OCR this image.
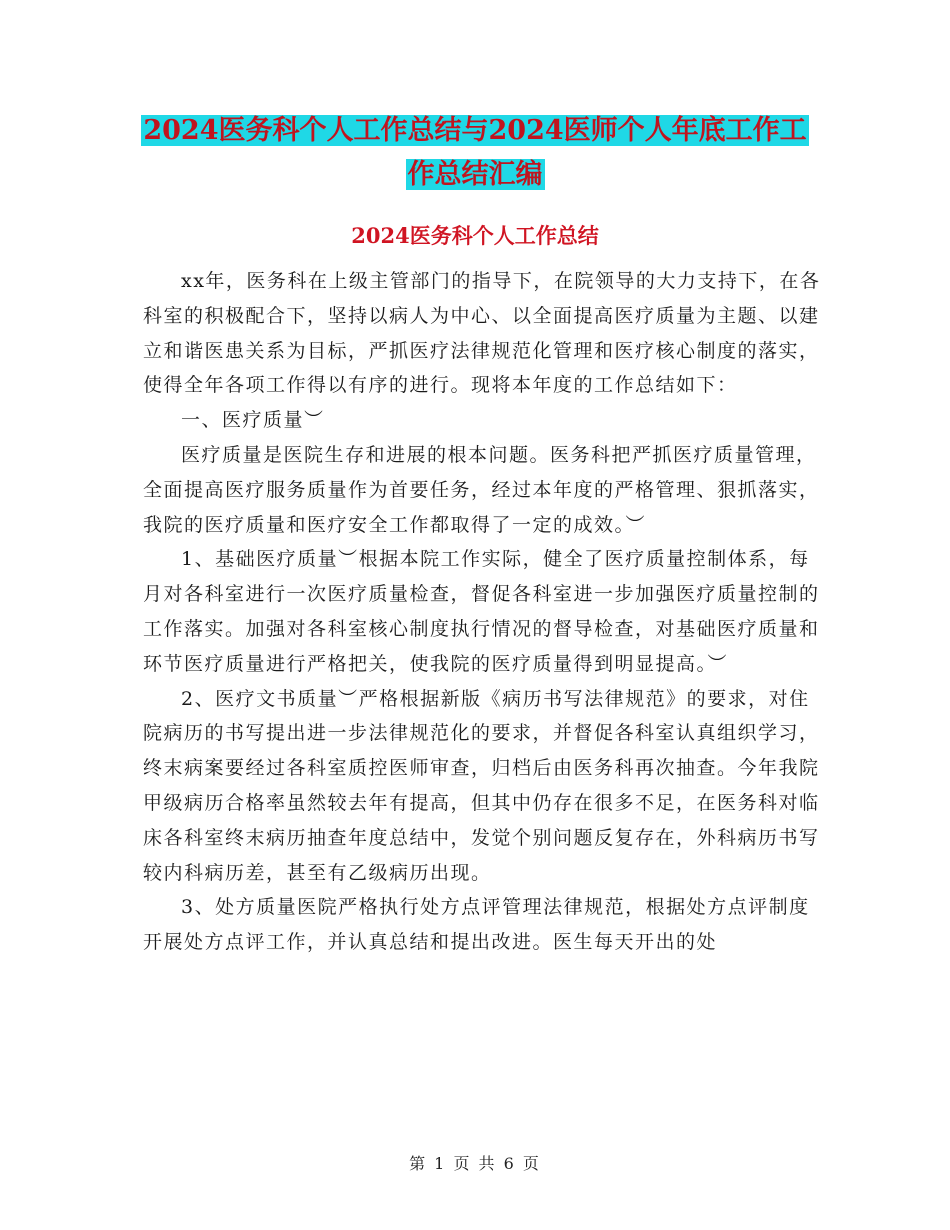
2024医务科个人工作总结与2024医师个人年底工作工
作总结汇编
2024医务科个人工作总结

xx年，医务科在上级主管部门的指导下，在院领导的大力支持下，在各科室的积极配合下，坚持以病人为中心、以全面提高医疗质量为主题、以建立和谐医患关系为目标，严抓医疗法律规范化管理和医疗核心制度的落实，使得全年各项工作得以有序的进行。现将本年度的工作总结如下：

一、医疗质量︶

医疗质量是医院生存和进展的根本问题。医务科把严抓医疗质量管理，全面提高医疗服务质量作为首要任务，经过本年度的严格管理、狠抓落实，我院的医疗质量和医疗安全工作都取得了一定的成效。︶

1、基础医疗质量︶根据本院工作实际，健全了医疗质量控制体系，每月对各科室进行一次医疗质量检查，督促各科室进一步加强医疗质量控制的工作落实。加强对各科室核心制度执行情况的督导检查，对基础医疗质量和环节医疗质量进行严格把关，使我院的医疗质量得到明显提高。︶

2、医疗文书质量︶严格根据新版《病历书写法律规范》的要求，对住院病历的书写提出进一步法律规范化的要求，并督促各科室认真组织学习，终末病案要经过各科室质控医师审查，归档后由医务科再次抽查。今年我院甲级病历合格率虽然较去年有提高，但其中仍存在很多不足，在医务科对临床各科室终末病历抽查年度总结中，发觉个别问题反复存在，外科病历书写较内科病历差，甚至有乙级病历出现。

3、处方质量医院严格执行处方点评管理法律规范，根据处方点评制度开展处方点评工作，并认真总结和提出改进。医生每天开出的处

第 1 页 共 6 页
